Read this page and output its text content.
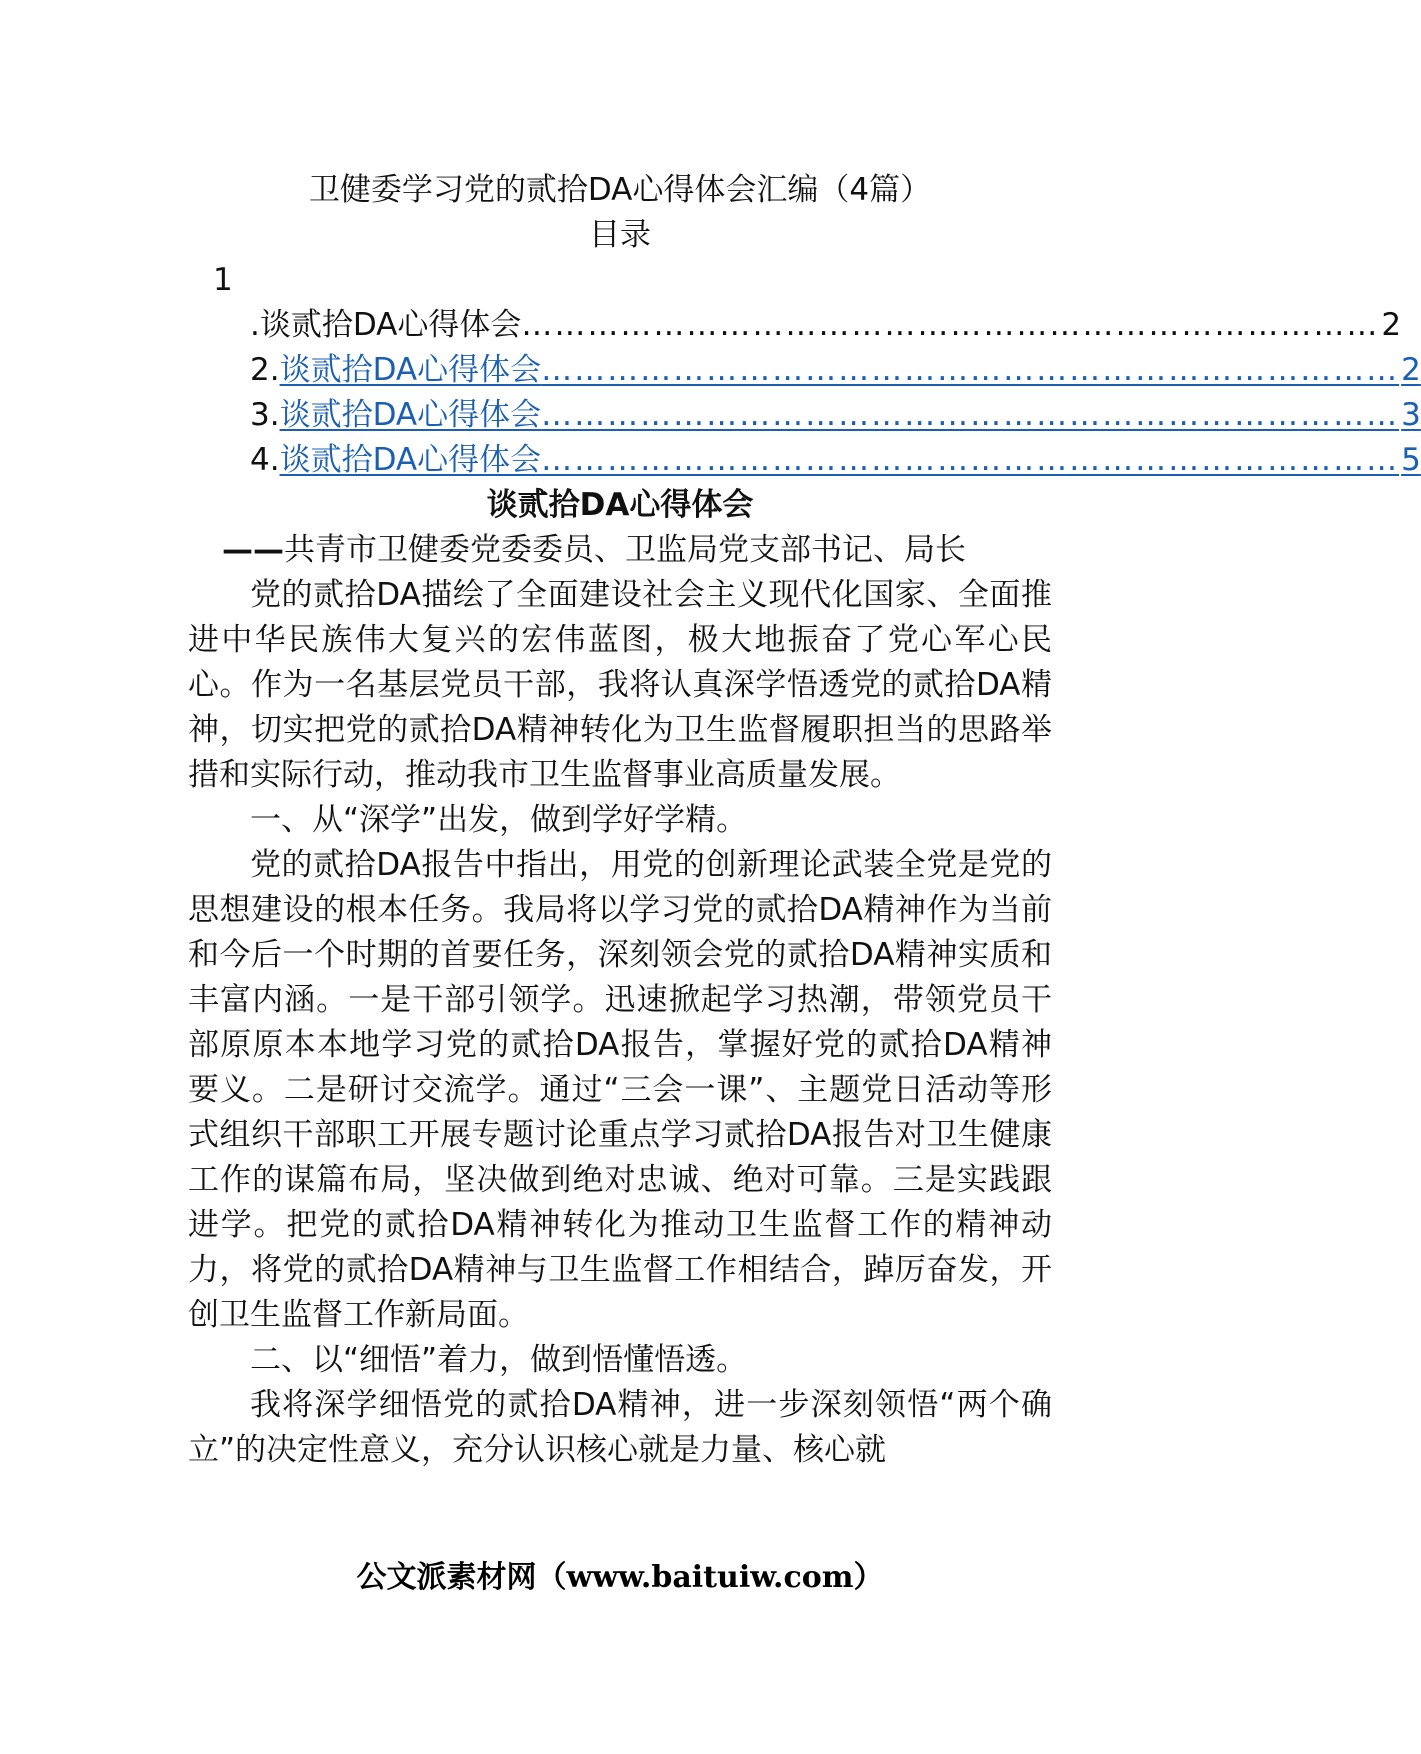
卫健委学习党的贰拾DA心得体会汇编（4篇）
目录
1
.谈贰拾DA心得体会 …………………………………………………………………… 2
2. 谈贰拾DA心得体会 …………………………………………………………………… 2
3. 谈贰拾DA心得体会 …………………………………………………………………… 3
4. 谈贰拾DA心得体会 …………………………………………………………………… 5
谈贰拾DA心得体会
——共青市卫健委党委委员、卫监局党支部书记、局长

党的贰拾DA描绘了全面建设社会主义现代化国家、全面推进中华民族伟大复兴的宏伟蓝图，极大地振奋了党心军心民心。作为一名基层党员干部，我将认真深学悟透党的贰拾DA精神，切实把党的贰拾DA精神转化为卫生监督履职担当的思路举措和实际行动，推动我市卫生监督事业高质量发展。

一、从“深学”出发，做到学好学精。

党的贰拾DA报告中指出，用党的创新理论武装全党是党的思想建设的根本任务。我局将以学习党的贰拾DA精神作为当前和今后一个时期的首要任务，深刻领会党的贰拾DA精神实质和丰富内涵。一是干部引领学。迅速掀起学习热潮，带领党员干部原原本本地学习党的贰拾DA报告，掌握好党的贰拾DA精神要义。二是研讨交流学。通过“三会一课”、主题党日活动等形式组织干部职工开展专题讨论重点学习贰拾DA报告对卫生健康工作的谋篇布局，坚决做到绝对忠诚、绝对可靠。三是实践跟进学。把党的贰拾DA精神转化为推动卫生监督工作的精神动力，将党的贰拾DA精神与卫生监督工作相结合，踔厉奋发，开创卫生监督工作新局面。

二、以“细悟”着力，做到悟懂悟透。

我将深学细悟党的贰拾DA精神，进一步深刻领悟“两个确立”的决定性意义，充分认识核心就是力量、核心就

公文派素材网（www.baituiw.com）
